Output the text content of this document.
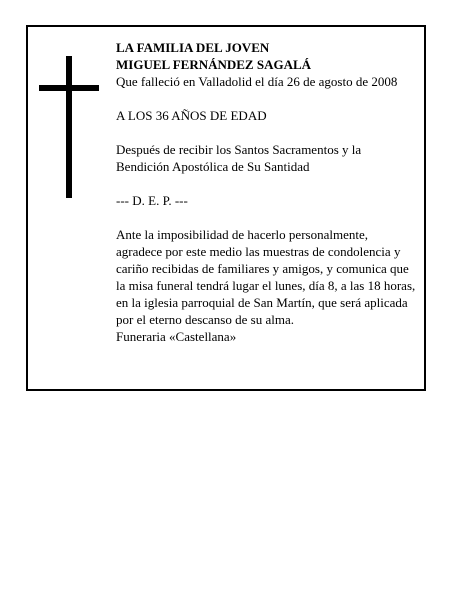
LA FAMILIA DEL JOVEN

MIGUEL FERNÁNDEZ SAGALÁ

Que falleció en Valladolid el día 26 de agosto de 2008

A LOS 36 AÑOS DE EDAD

Después de recibir los Santos Sacramentos y la Bendición Apostólica de Su Santidad

--- D. E. P. ---

Ante la imposibilidad de hacerlo personalmente, agradece por este medio las muestras de condolencia y cariño recibidas de familiares y amigos, y comunica que la misa funeral tendrá lugar el lunes, día 8, a las 18 horas, en la iglesia parroquial de San Martín, que será aplicada por el eterno descanso de su alma.

Funeraria «Castellana»
